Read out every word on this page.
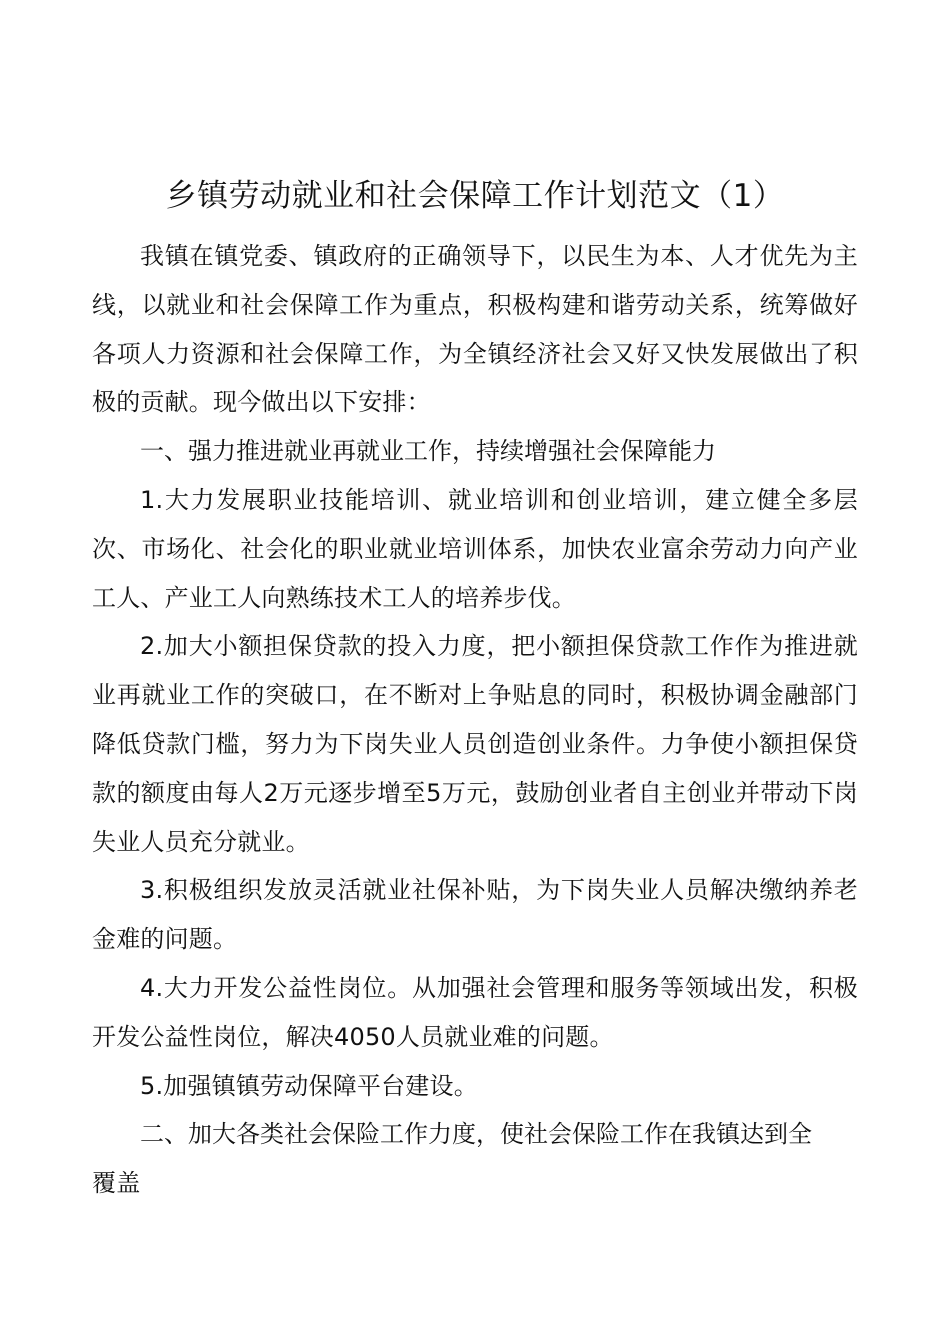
乡镇劳动就业和社会保障工作计划范文（1）

我镇在镇党委、镇政府的正确领导下，以民生为本、人才优先为主线，以就业和社会保障工作为重点，积极构建和谐劳动关系，统筹做好各项人力资源和社会保障工作，为全镇经济社会又好又快发展做出了积极的贡献。现今做出以下安排：

一、强力推进就业再就业工作，持续增强社会保障能力

1.大力发展职业技能培训、就业培训和创业培训，建立健全多层次、市场化、社会化的职业就业培训体系，加快农业富余劳动力向产业工人、产业工人向熟练技术工人的培养步伐。

2.加大小额担保贷款的投入力度，把小额担保贷款工作作为推进就业再就业工作的突破口，在不断对上争贴息的同时，积极协调金融部门降低贷款门槛，努力为下岗失业人员创造创业条件。力争使小额担保贷款的额度由每人2万元逐步增至5万元，鼓励创业者自主创业并带动下岗失业人员充分就业。

3.积极组织发放灵活就业社保补贴，为下岗失业人员解决缴纳养老金难的问题。

4.大力开发公益性岗位。从加强社会管理和服务等领域出发，积极开发公益性岗位，解决4050人员就业难的问题。

5.加强镇镇劳动保障平台建设。

二、加大各类社会保险工作力度，使社会保险工作在我镇达到全

覆盖
